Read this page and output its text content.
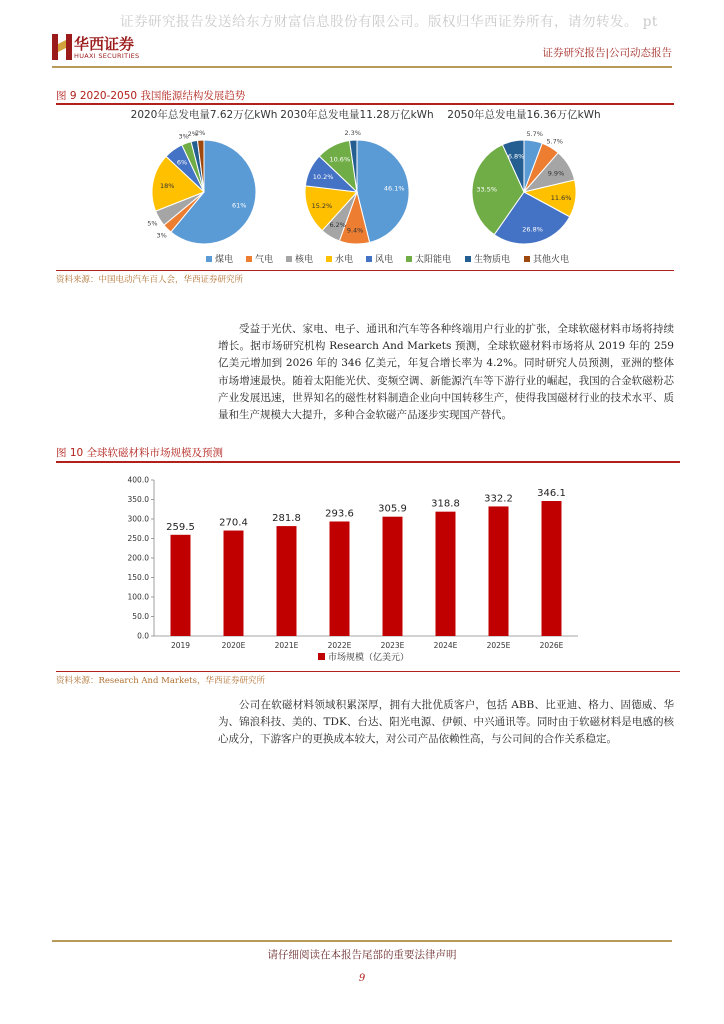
证券研究报告发送给东方财富信息股份有限公司。版权归华西证券所有，请勿转发。 pt
华西证券
HUAXI SECURITIES	证券研究报告|公司动态报告
图 9 2020-2050 我国能源结构发展趋势
2020年总发电量7.62万亿kWh
61%
3%
5%
18%
6%
3%
2%
2%
2030年总发电量11.28万亿kWh
46.1%
9.4%
6.2%
15.2%
10.2%
10.6%
2.3%
2050年总发电量16.36万亿kWh
5.7%
5.7%
9.9%
11.6%
26.8%
33.5%
6.8%
煤电 气电 核电 水电 风电 太阳能电	生物质电	其他火电
资料来源：中国电动汽车百人会，华西证券研究所

受益于光伏、家电、电子、通讯和汽车等各种终端用户行业的扩张，全球软磁材料市场将持续增长。据市场研究机构 Research And Markets 预测，全球软磁材料市场将从 2019 年的 259 亿美元增加到 2026 年的 346 亿美元，年复合增长率为 4.2%。同时研究人员预测，亚洲的整体市场增速最快。随着太阳能光伏、变频空调、新能源汽车等下游行业的崛起，我国的合金软磁粉芯产业发展迅速，世界知名的磁性材料制造企业向中国转移生产，使得我国磁材行业的技术水平、质量和生产规模大大提升，多种合金软磁产品逐步实现国产替代。

图 10 全球软磁材料市场规模及预测
0.0
50.0
100.0
150.0
200.0
250.0
300.0
350.0
400.0
259.5
2019
270.4
2020E
281.8
2021E
293.6
2022E
305.9
2023E
318.8
2024E
332.2
2025E
346.1
2026E
市场规模（亿美元）
资料来源：Research And Markets，华西证券研究所

公司在软磁材料领域积累深厚，拥有大批优质客户，包括 ABB、比亚迪、格力、固德威、华为、锦浪科技、美的、TDK、台达、阳光电源、伊顿、中兴通讯等。同时由于软磁材料是电感的核心成分，下游客户的更换成本较大，对公司产品依赖性高，与公司间的合作关系稳定。

请仔细阅读在本报告尾部的重要法律声明
9
